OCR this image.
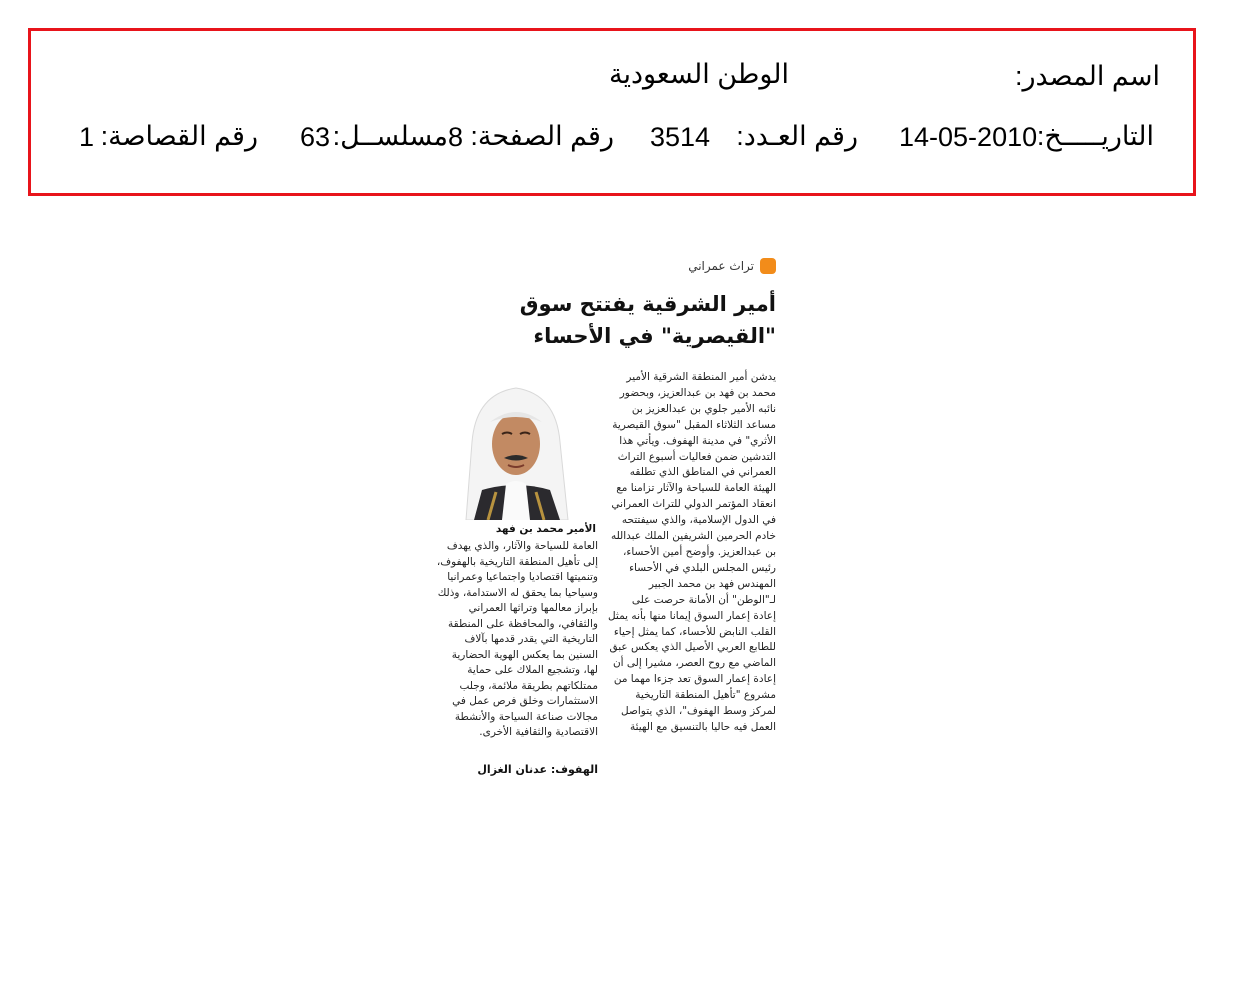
اسم المصدر:
الوطن السعودية
التاريـــــخ:
14-05-2010
رقم العـدد:
3514
رقم الصفحة:
8
مسلســل:
63
رقم القصاصة:
1
تراث عمراني
أمير الشرقية يفتتح سوق "القيصرية" في الأحساء
يدشن أمير المنطقة الشرقية الأمير محمد بن فهد بن عبدالعزيز، وبحضور نائبه الأمير جلوي بن عبدالعزيز بن مساعد الثلاثاء المقبل "سوق القيصرية الأثري" في مدينة الهفوف. ويأتي هذا التدشين ضمن فعاليات أسبوع التراث العمراني في المناطق الذي تطلقه الهيئة العامة للسياحة والآثار تزامنا مع انعقاد المؤتمر الدولي للتراث العمراني في الدول الإسلامية، والذي سيفتتحه خادم الحرمين الشريفين الملك عبدالله بن عبدالعزيز. وأوضح أمين الأحساء، رئيس المجلس البلدي في الأحساء المهندس فهد بن محمد الجبير لـ"الوطن" أن الأمانة حرصت على إعادة إعمار السوق إيمانا منها بأنه يمثل القلب النابض للأحساء، كما يمثل إحياء للطابع العربي الأصيل الذي يعكس عبق الماضي مع روح العصر، مشيرا إلى أن إعادة إعمار السوق تعد جزءا مهما من مشروع "تأهيل المنطقة التاريخية لمركز وسط الهفوف"، الذي يتواصل العمل فيه حاليا بالتنسيق مع الهيئة
الأمير محمد بن فهد
العامة للسياحة والآثار، والذي يهدف إلى تأهيل المنطقة التاريخية بالهفوف، وتنميتها اقتصاديا واجتماعيا وعمرانيا وسياحيا بما يحقق له الاستدامة، وذلك بإبراز معالمها وتراثها العمراني والثقافي، والمحافظة على المنطقة التاريخية التي يقدر قدمها بآلاف السنين بما يعكس الهوية الحضارية لها، وتشجيع الملاك على حماية ممتلكاتهم بطريقة ملائمة، وجلب الاستثمارات وخلق فرص عمل في مجالات صناعة السياحة والأنشطة الاقتصادية والثقافية الأخرى.
الهفوف: عدنان الغزال
